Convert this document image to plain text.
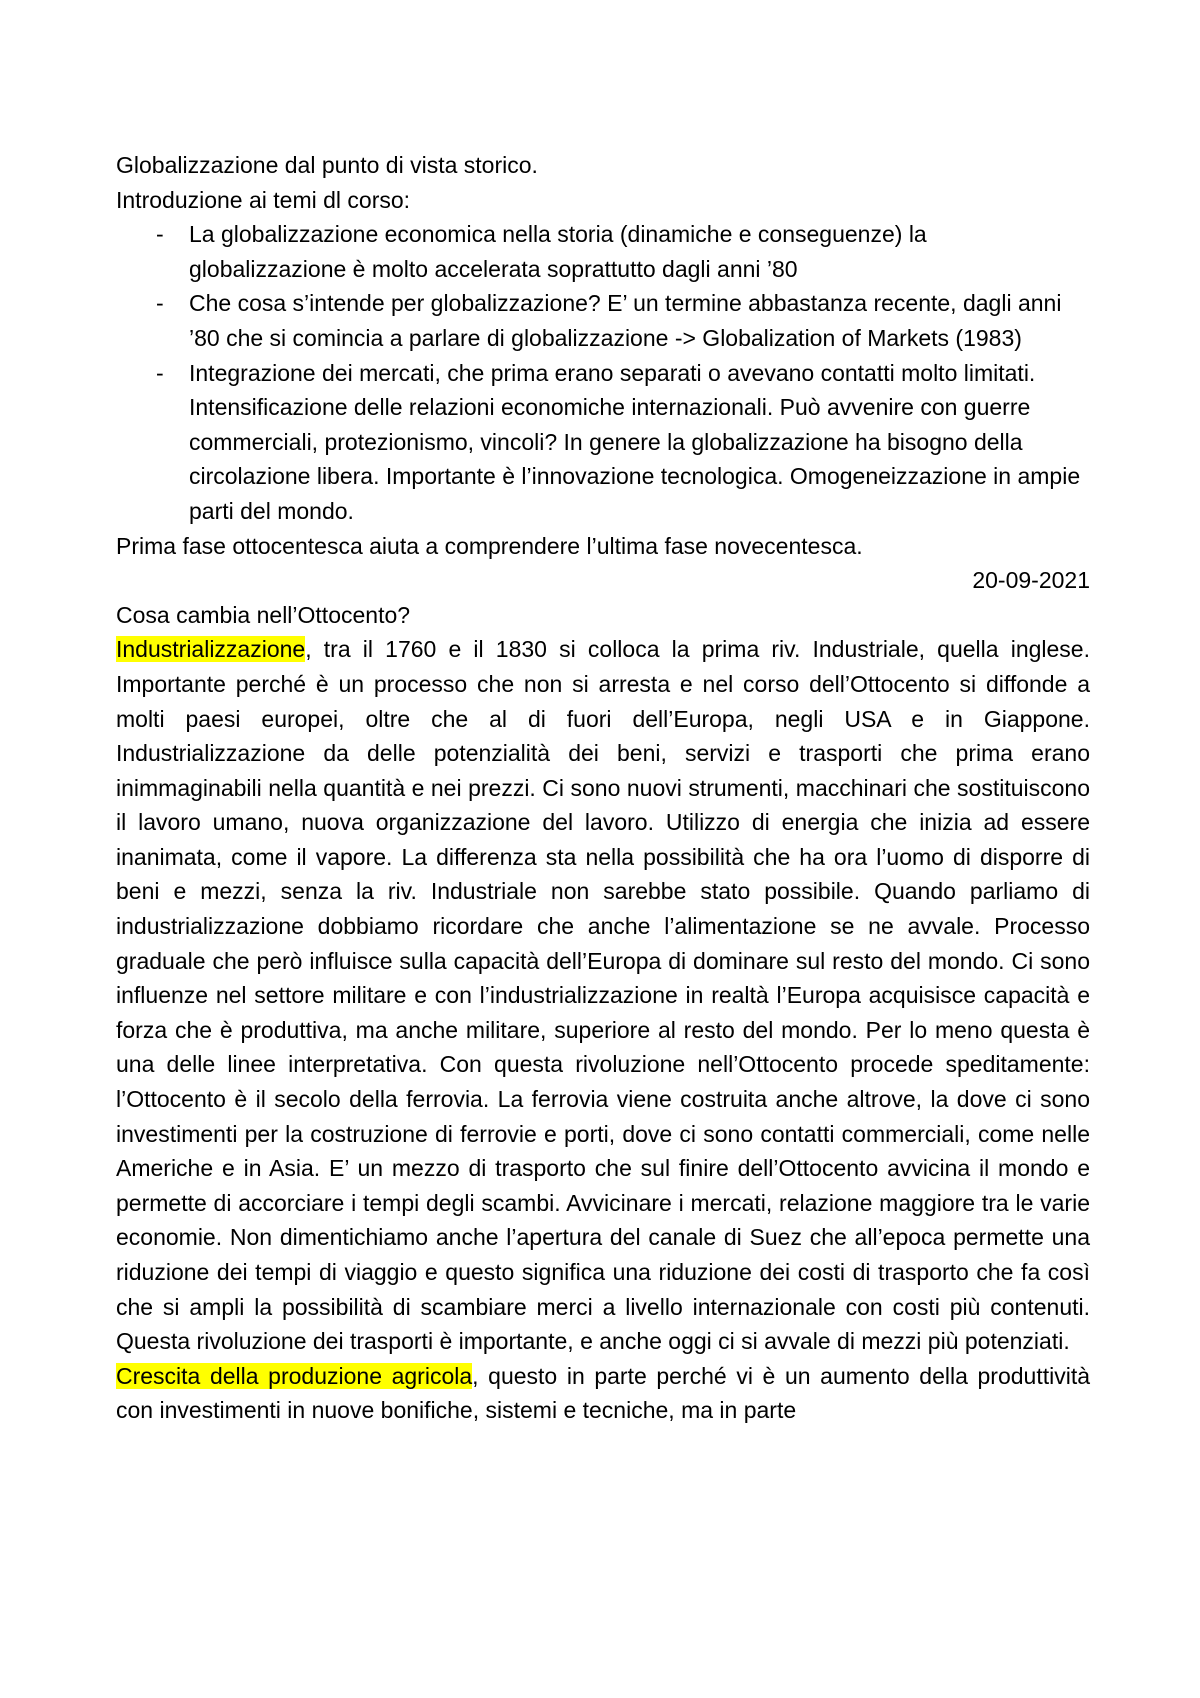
Globalizzazione dal punto di vista storico.

Introduzione ai temi dl corso:

- La globalizzazione economica nella storia (dinamiche e conseguenze) la globalizzazione è molto accelerata soprattutto dagli anni ’80
- Che cosa s’intende per globalizzazione? E’ un termine abbastanza recente, dagli anni ’80 che si comincia a parlare di globalizzazione -> Globalization of Markets (1983)
- Integrazione dei mercati, che prima erano separati o avevano contatti molto limitati. Intensificazione delle relazioni economiche internazionali. Può avvenire con guerre commerciali, protezionismo, vincoli? In genere la globalizzazione ha bisogno della circolazione libera. Importante è l’innovazione tecnologica. Omogeneizzazione in ampie parti del mondo.

Prima fase ottocentesca aiuta a comprendere l’ultima fase novecentesca.

20-09-2021

Cosa cambia nell’Ottocento?

Industrializzazione, tra il 1760 e il 1830 si colloca la prima riv. Industriale, quella inglese. Importante perché è un processo che non si arresta e nel corso dell’Ottocento si diffonde a molti paesi europei, oltre che al di fuori dell’Europa, negli USA e in Giappone. Industrializzazione da delle potenzialità dei beni, servizi e trasporti che prima erano inimmaginabili nella quantità e nei prezzi. Ci sono nuovi strumenti, macchinari che sostituiscono il lavoro umano, nuova organizzazione del lavoro. Utilizzo di energia che inizia ad essere inanimata, come il vapore. La differenza sta nella possibilità che ha ora l’uomo di disporre di beni e mezzi, senza la riv. Industriale non sarebbe stato possibile. Quando parliamo di industrializzazione dobbiamo ricordare che anche l’alimentazione se ne avvale. Processo graduale che però influisce sulla capacità dell’Europa di dominare sul resto del mondo. Ci sono influenze nel settore militare e con l’industrializzazione in realtà l’Europa acquisisce capacità e forza che è produttiva, ma anche militare, superiore al resto del mondo. Per lo meno questa è una delle linee interpretativa. Con questa rivoluzione nell’Ottocento procede speditamente: l’Ottocento è il secolo della ferrovia. La ferrovia viene costruita anche altrove, la dove ci sono investimenti per la costruzione di ferrovie e porti, dove ci sono contatti commerciali, come nelle Americhe e in Asia. E’ un mezzo di trasporto che sul finire dell’Ottocento avvicina il mondo e permette di accorciare i tempi degli scambi. Avvicinare i mercati, relazione maggiore tra le varie economie. Non dimentichiamo anche l’apertura del canale di Suez che all’epoca permette una riduzione dei tempi di viaggio e questo significa una riduzione dei costi di trasporto che fa così che si ampli la possibilità di scambiare merci a livello internazionale con costi più contenuti. Questa rivoluzione dei trasporti è importante, e anche oggi ci si avvale di mezzi più potenziati.

Crescita della produzione agricola, questo in parte perché vi è un aumento della produttività con investimenti in nuove bonifiche, sistemi e tecniche, ma in parte
